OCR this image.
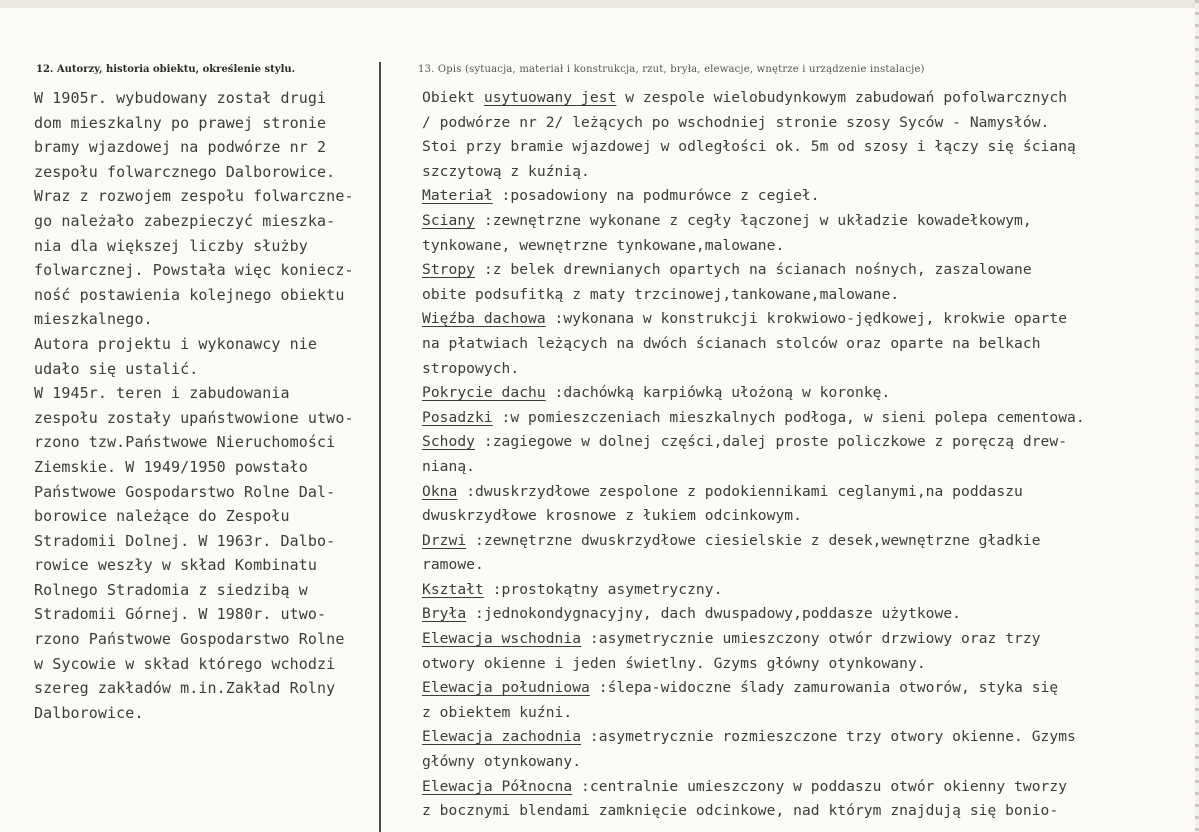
12. Autorzy, historia obiektu, określenie stylu.	13. Opis (sytuacja, materiał i konstrukcja, rzut, bryła, elewacje, wnętrze i urządzenie instalacje)
W 1905r. wybudowany został drugi
dom mieszkalny po prawej stronie
bramy wjazdowej na podwórze nr 2
zespołu folwarcznego Dalborowice.
Wraz z rozwojem zespołu folwarczne-
go należało zabezpieczyć mieszka-
nia dla większej liczby służby
folwarcznej. Powstała więc koniecz-
ność postawienia kolejnego obiektu
mieszkalnego.
Autora projektu i wykonawcy nie
udało się ustalić.
W 1945r. teren i zabudowania
zespołu zostały upaństwowione utwo-
rzono tzw.Państwowe Nieruchomości
Ziemskie. W 1949/1950 powstało
Państwowe Gospodarstwo Rolne Dal-
borowice należące do Zespołu
Stradomii Dolnej. W 1963r. Dalbo-
rowice weszły w skład Kombinatu
Rolnego Stradomia z siedzibą w
Stradomii Górnej. W 1980r. utwo-
rzono Państwowe Gospodarstwo Rolne
w Sycowie w skład którego wchodzi
szereg zakładów m.in.Zakład Rolny
Dalborowice.
Obiekt usytuowany jest w zespole wielobudynkowym zabudowań pofolwarcznych
/ podwórze nr 2/ leżących po wschodniej stronie szosy Syców - Namysłów.
Stoi przy bramie wjazdowej w odległości ok. 5m od szosy i łączy się ścianą
szczytową z kuźnią.
Materiał :posadowiony na podmurówce z cegieł.
Sciany :zewnętrzne wykonane z cegły łączonej w układzie kowadełkowym,
tynkowane, wewnętrzne tynkowane,malowane.
Stropy :z belek drewnianych opartych na ścianach nośnych, zaszalowane
obite podsufitką z maty trzcinowej,tankowane,malowane.
Więźba dachowa :wykonana w konstrukcji krokwiowo-jędkowej, krokwie oparte
na płatwiach leżących na dwóch ścianach stolców oraz oparte na belkach
stropowych.
Pokrycie dachu :dachówką karpiówką ułożoną w koronkę.
Posadzki :w pomieszczeniach mieszkalnych podłoga, w sieni polepa cementowa.
Schody :zagiegowe w dolnej części,dalej proste policzkowe z poręczą drew-
nianą.
Okna :dwuskrzydłowe zespolone z podokiennikami ceglanymi,na poddaszu
dwuskrzydłowe krosnowe z łukiem odcinkowym.
Drzwi :zewnętrzne dwuskrzydłowe ciesielskie z desek,wewnętrzne gładkie
ramowe.
Kształt :prostokątny asymetryczny.
Bryła :jednokondygnacyjny, dach dwuspadowy,poddasze użytkowe.
Elewacja wschodnia :asymetrycznie umieszczony otwór drzwiowy oraz trzy
otwory okienne i jeden świetlny. Gzyms główny otynkowany.
Elewacja południowa :ślepa-widoczne ślady zamurowania otworów, styka się
z obiektem kuźni.
Elewacja zachodnia :asymetrycznie rozmieszczone trzy otwory okienne. Gzyms
główny otynkowany.
Elewacja Północna :centralnie umieszczony w poddaszu otwór okienny tworzy
z bocznymi blendami zamknięcie odcinkowe, nad którym znajdują się bonio-
